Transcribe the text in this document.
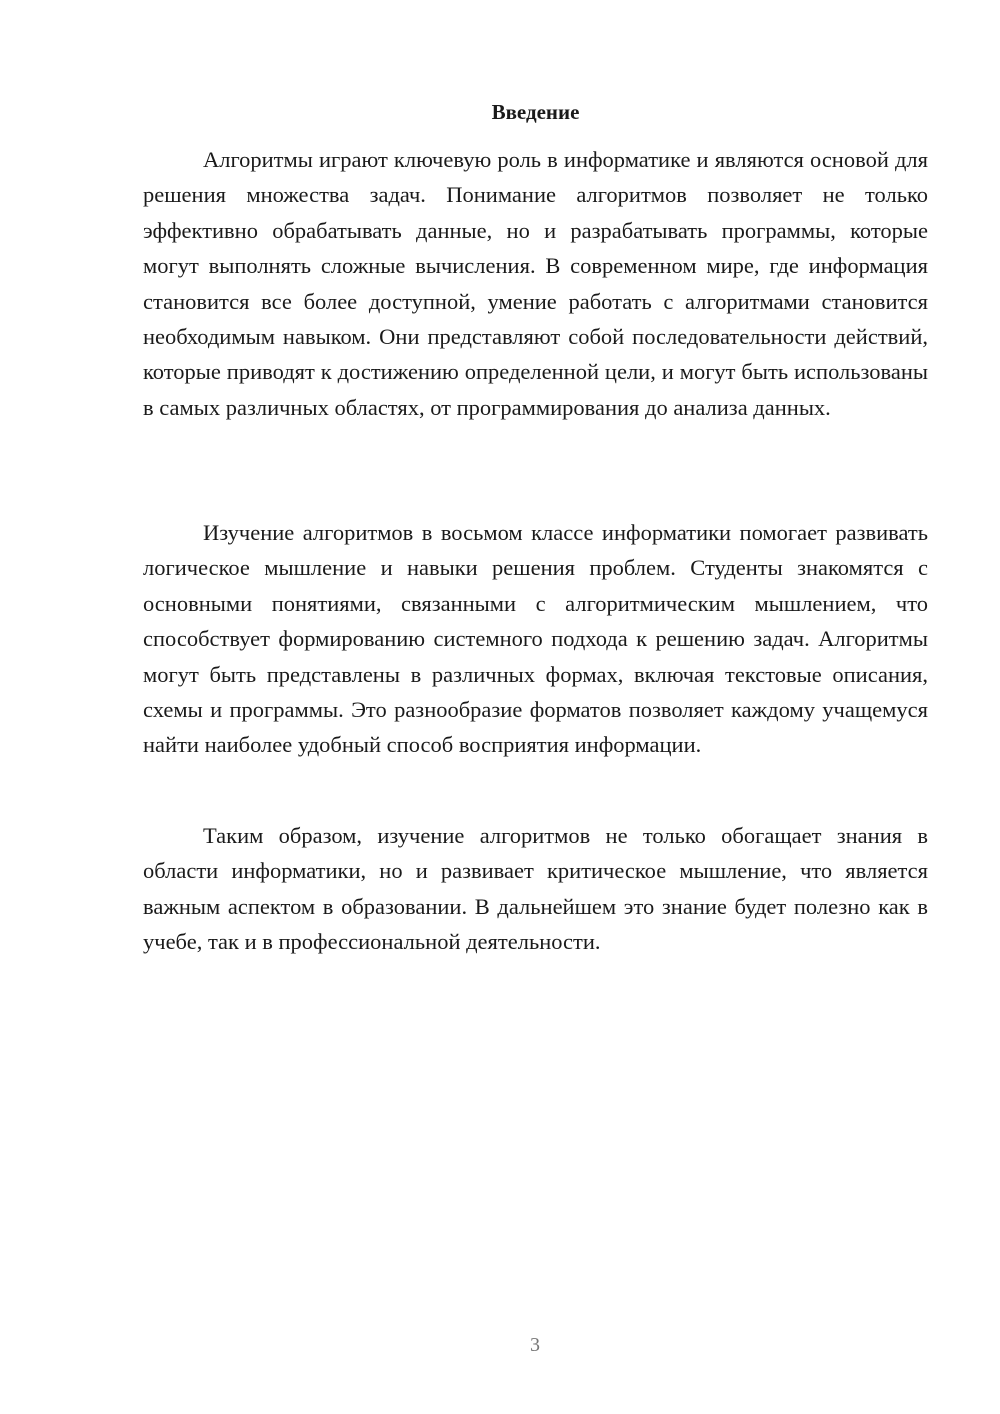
Введение

Алгоритмы играют ключевую роль в информатике и являются основой для решения множества задач. Понимание алгоритмов позволяет не только эффективно обрабатывать данные, но и разрабатывать программы, которые могут выполнять сложные вычисления. В современном мире, где информация становится все более доступной, умение работать с алгоритмами становится необходимым навыком. Они представляют собой последовательности действий, которые приводят к достижению определенной цели, и могут быть использованы в самых различных областях, от программирования до анализа данных.

Изучение алгоритмов в восьмом классе информатики помогает развивать логическое мышление и навыки решения проблем. Студенты знакомятся с основными понятиями, связанными с алгоритмическим мышлением, что способствует формированию системного подхода к решению задач. Алгоритмы могут быть представлены в различных формах, включая текстовые описания, схемы и программы. Это разнообразие форматов позволяет каждому учащемуся найти наиболее удобный способ восприятия информации.

Таким образом, изучение алгоритмов не только обогащает знания в области информатики, но и развивает критическое мышление, что является важным аспектом в образовании. В дальнейшем это знание будет полезно как в учебе, так и в профессиональной деятельности.

3
